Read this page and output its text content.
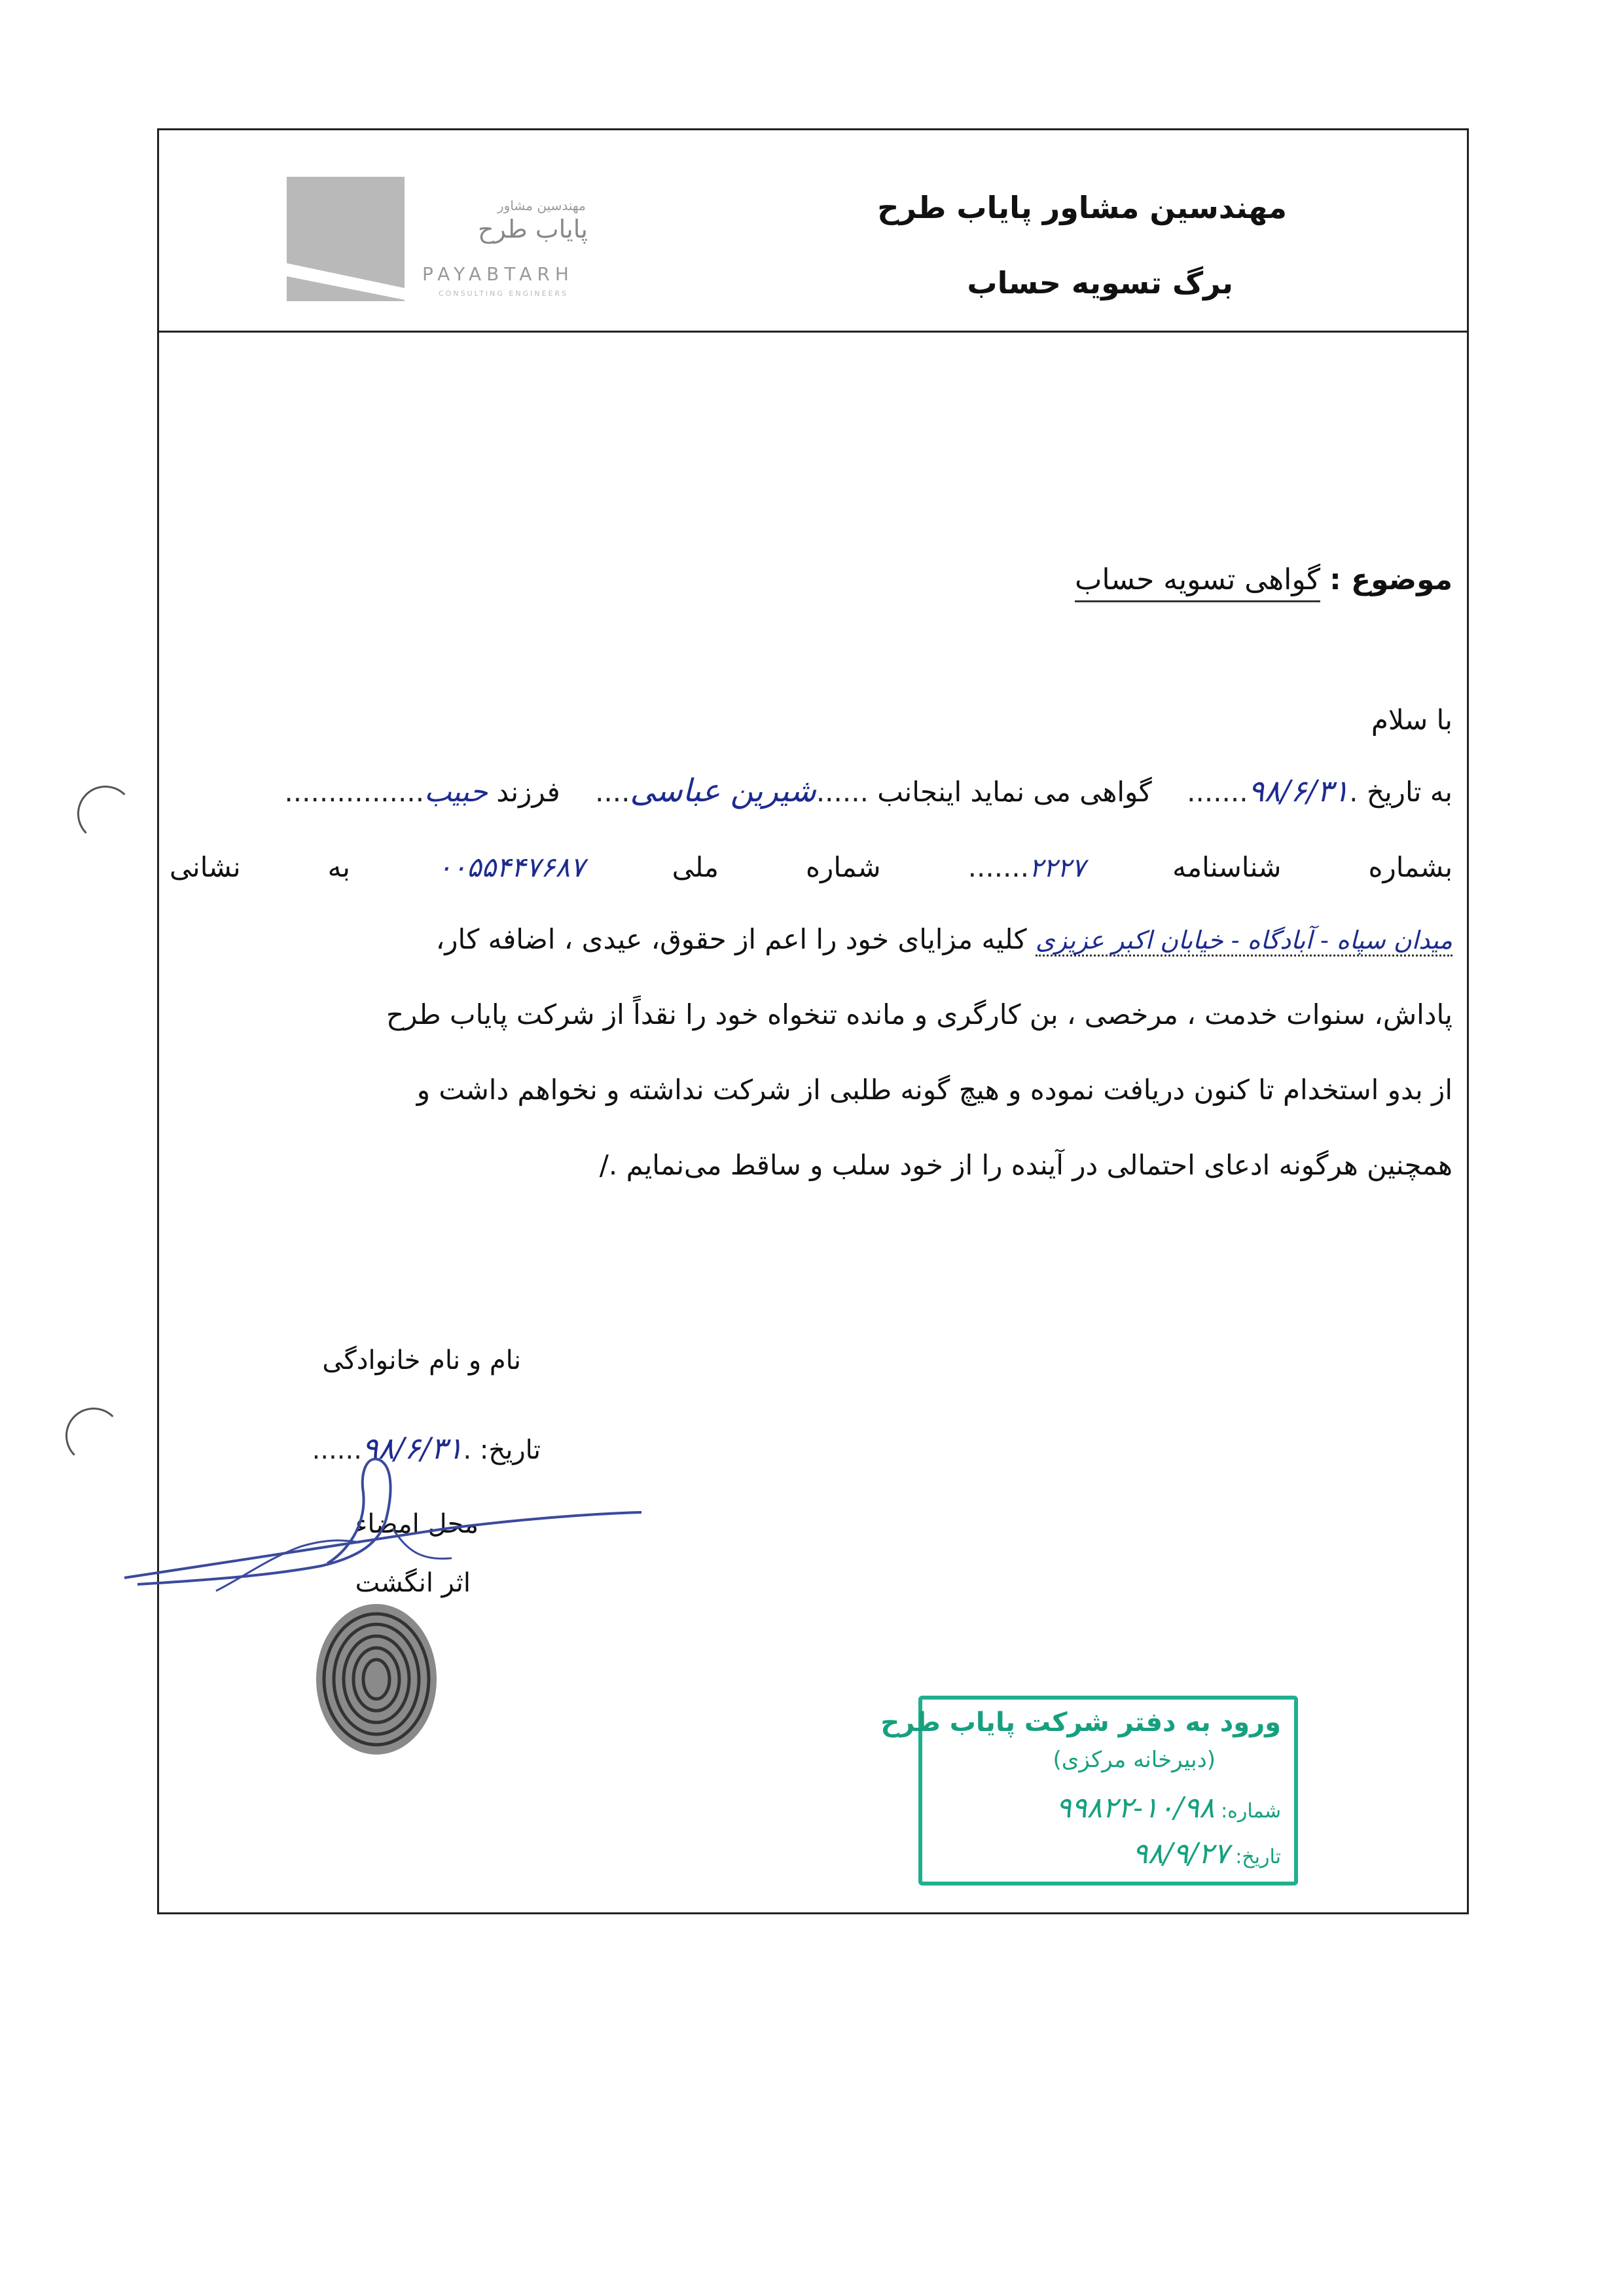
مهندسین مشاور پایاب طرح
برگ تسویه حساب
مهندسین مشاور
پایاب طرح
PAYABTARH
CONSULTING ENGINEERS
موضوع : گواهی تسویه حساب
با سلام
به تاریخ .۹۸/۶/۳۱.......    گواهی می نماید اینجانب ......شیرین عباسی....    فرزند حبیب................
بشماره شناسنامه ۲۲۲۷....... شماره ملی ۰۰۵۵۴۴۷۶۸۷ به نشانی
میدان سپاه - آبادگاه - خیابان اکبر عزیزی کلیه مزایای خود را اعم از حقوق، عیدی ، اضافه کار،
پاداش، سنوات خدمت ، مرخصی ، بن کارگری و مانده تنخواه خود را نقداً از شرکت پایاب طرح
از بدو استخدام تا کنون دریافت نموده و هیچ گونه طلبی از شرکت نداشته و نخواهم داشت و
همچنین هرگونه ادعای احتمالی در آینده را از خود سلب و ساقط می‌نمایم ./
نام و نام خانوادگی
تاریخ: .۹۸/۶/۳۱......
محل امضاء
اثر انگشت
ورود به دفتر شرکت پایاب طرح
(دبیرخانه مرکزی)
شماره: ۱۰/۹۸-۹۹۸۲۲
تاریخ: ۹۸/۹/۲۷
